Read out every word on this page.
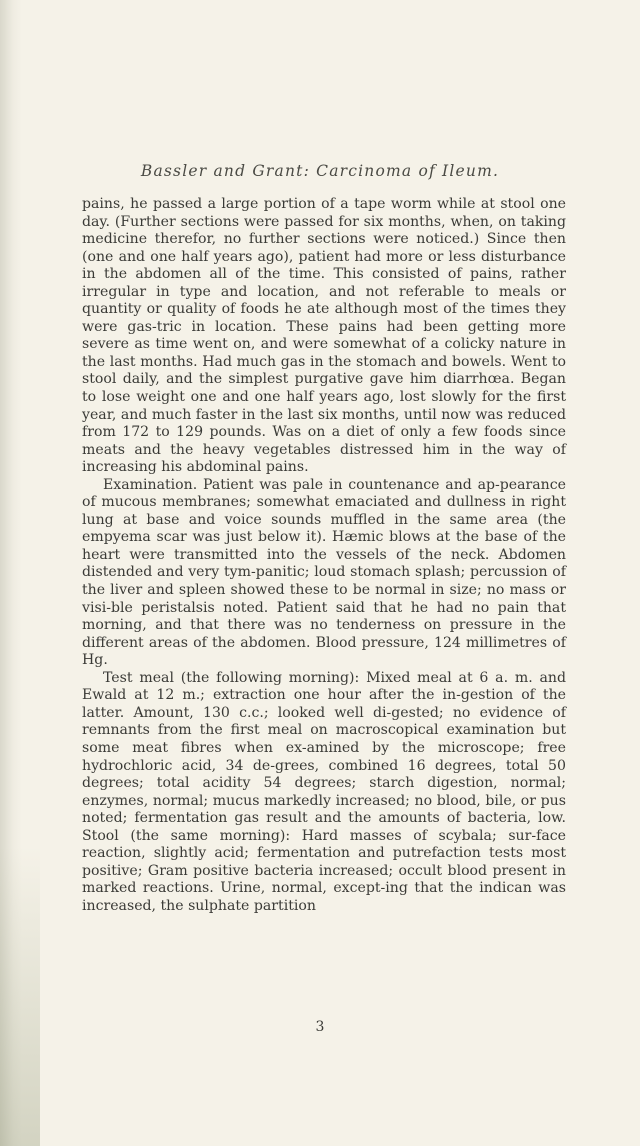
Bassler and Grant: Carcinoma of Ileum.

pains, he passed a large portion of a tape worm while at stool one day. (Further sections were passed for six months, when, on taking medicine therefor, no further sections were noticed.) Since then (one and one half years ago), patient had more or less disturbance in the abdomen all of the time. This consisted of pains, rather irregular in type and location, and not referable to meals or quantity or quality of foods he ate although most of the times they were gas-tric in location. These pains had been getting more severe as time went on, and were somewhat of a colicky nature in the last months. Had much gas in the stomach and bowels. Went to stool daily, and the simplest purgative gave him diarrhœa. Began to lose weight one and one half years ago, lost slowly for the first year, and much faster in the last six months, until now was reduced from 172 to 129 pounds. Was on a diet of only a few foods since meats and the heavy vegetables distressed him in the way of increasing his abdominal pains.

Examination. Patient was pale in countenance and ap-pearance of mucous membranes; somewhat emaciated and dullness in right lung at base and voice sounds muffled in the same area (the empyema scar was just below it). Hæmic blows at the base of the heart were transmitted into the vessels of the neck. Abdomen distended and very tym-panitic; loud stomach splash; percussion of the liver and spleen showed these to be normal in size; no mass or visi-ble peristalsis noted. Patient said that he had no pain that morning, and that there was no tenderness on pressure in the different areas of the abdomen. Blood pressure, 124 millimetres of Hg.

Test meal (the following morning): Mixed meal at 6 a. m. and Ewald at 12 m.; extraction one hour after the in-gestion of the latter. Amount, 130 c.c.; looked well di-gested; no evidence of remnants from the first meal on macroscopical examination but some meat fibres when ex-amined by the microscope; free hydrochloric acid, 34 de-grees, combined 16 degrees, total 50 degrees; total acidity 54 degrees; starch digestion, normal; enzymes, normal; mucus markedly increased; no blood, bile, or pus noted; fermentation gas result and the amounts of bacteria, low. Stool (the same morning): Hard masses of scybala; sur-face reaction, slightly acid; fermentation and putrefaction tests most positive; Gram positive bacteria increased; occult blood present in marked reactions. Urine, normal, except-ing that the indican was increased, the sulphate partition

3
